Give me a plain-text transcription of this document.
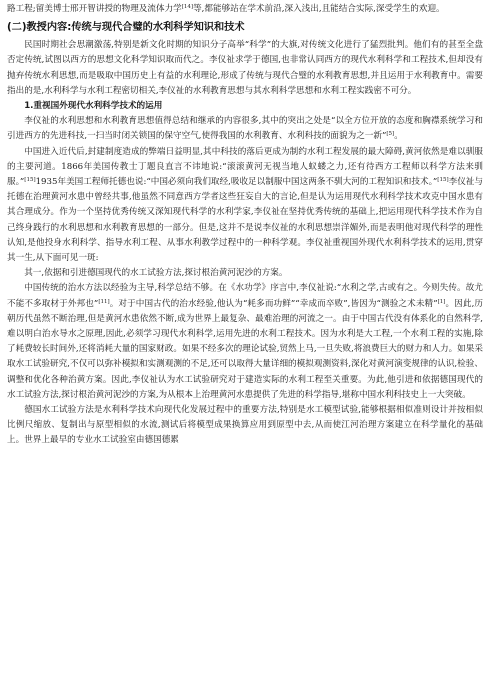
路工程;留美博士邢开智讲授的物理及流体力学[14]等,都能够站在学术前沿,深入浅出,且能结合实际,深受学生的欢迎。

(二)教授内容:传统与现代合璧的水利科学知识和技术

民国时期社会思潮激荡,特别是新文化时期的知识分子高举“科学”的大旗,对传统文化进行了猛烈批判。他们有的甚至全盘否定传统,试图以西方的思想文化科学知识取而代之。李仪祉求学于德国,也非常认同西方的现代水利科学和工程技术,但却没有抛弃传统水利思想,而是吸取中国历史上有益的水利理论,形成了传统与现代合璧的水利教育思想,并且运用于水利教育中。需要指出的是,水利科学与水利工程密切相关,李仪祉的水利教育思想与其水利科学思想和水利工程实践密不可分。

1.重视国外现代水利科学技术的运用

李仪祉的水利思想和水利教育思想值得总结和继承的内容很多,其中的突出之处是“以全方位开放的态度和胸襟系统学习和引进西方的先进科技,一扫当时闭关锁国的保守空气,使得我国的水利教育、水利科技的面貌为之一新”[5]。

中国进入近代后,封建制度造成的弊端日益明显,其中科技的落后更成为制约水利工程发展的最大障碍,黄河依然是难以驯服的主要河道。1866年美国传教士丁题良直言不讳地说:“滚滚黄河无视当地人蚁蝼之力,还有待西方工程师以科学方法来驯服。”[15]1935年美国工程师托德也说:“中国必须向我们取经,吸收足以制服中国这两条不驯大河的工程知识和技术。”[15]李仪祉与托德在治理黄河水患中曾经共事,他虽然不同意西方学者这些狂妄自大的言论,但是认为运用现代水利科学技术攻克中国水患有其合理成分。作为一个坚持优秀传统又深知现代科学的水利学家,李仪祉在坚持优秀传统的基础上,把运用现代科学技术作为自己终身践行的水利思想和水利教育思想的一部分。但是,这并不是说李仪祉的水利思想崇洋媚外,而是表明他对现代科学的理性认知,是他投身水利科学、指导水利工程、从事水利教学过程中的一种科学观。李仪祉重视国外现代水利科学技术的运用,贯穿其一生,从下面可见一斑:

其一,依据和引进德国现代的水工试验方法,探讨根治黄河泥沙的方案。

中国传统的治水方法以经验为主导,科学总结不够。在《水功学》序言中,李仪祉说:“水利之学,古或有之。今则失传。故尤不能不多取材于外邦也”[11]。对于中国古代的治水经验,他认为“耗多而功鲜”“幸成而卒败”,皆因为“测验之术未精”[1]。因此,历朝历代虽然不断治理,但是黄河水患依然不断,成为世界上最复杂、最难治理的河流之一。由于中国古代没有体系化的自然科学,难以明白治水导水之原理,因此,必须学习现代水利科学,运用先进的水利工程技术。因为水利是大工程,一个水利工程的实施,除了耗费较长时间外,还将消耗大量的国家财政。如果不经多次的理论试验,贸然上马,一旦失败,将浪费巨大的财力和人力。如果采取水工试验研究,不仅可以弥补模拟和实测观测的不足,还可以取得大量详细的模拟观测资料,深化对黄河演变规律的认识,检验、调整和优化各种治黄方案。因此,李仪祉认为水工试验研究对于建造实际的水利工程至关重要。为此,他引进和依据德国现代的水工试验方法,探讨根治黄河泥沙的方案,为从根本上治理黄河水患提供了先进的科学指导,堪称中国水利科技史上一大突破。

德国水工试验方法是水利科学技术向现代化发展过程中的重要方法,特别是水工模型试验,能够根据相似准则设计并按相似比例尺缩放、复制出与原型相似的水流,测试后将模型成果换算应用到原型中去,从而使江河治理方案建立在科学量化的基础上。世界上最早的专业水工试验室由德国德累
